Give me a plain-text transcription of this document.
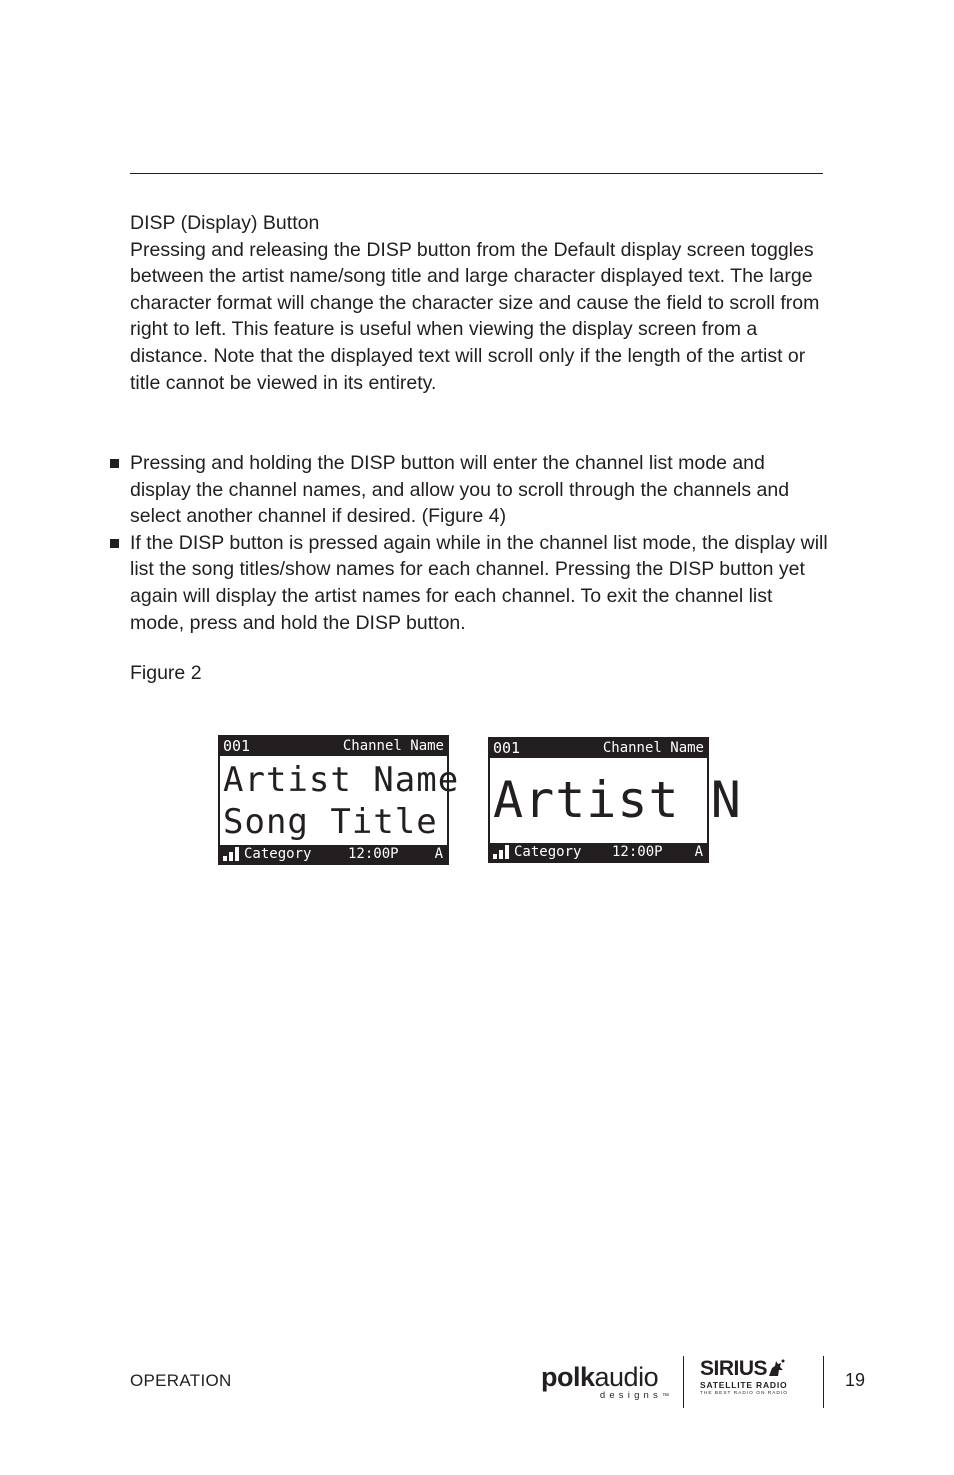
DISP (Display) Button

Pressing and releasing the DISP button from the Default display screen toggles between the artist name/song title and large character displayed text. The large character format will change the character size and cause the field to scroll from right to left. This feature is useful when viewing the display screen from a distance. Note that the displayed text will scroll only if the length of the artist or title cannot be viewed in its entirety.

Pressing and holding the DISP button will enter the channel list mode and display the channel names, and allow you to scroll through the channels and select another channel if desired. (Figure 4)
If the DISP button is pressed again while in the channel list mode, the display will list the song titles/show names for each channel. Pressing the DISP button yet again will display the artist names for each channel. To exit the channel list mode, press and hold the DISP button.
Figure 2
001	Channel Name
Artist Name
Song Title
Category	12:00P	A
001	Channel Name
Artist N
Category 12:00P A
OPERATION	polkaudio
designs™
SIRIUS
SATELLITE RADIO
THE BEST RADIO ON RADIO
19
